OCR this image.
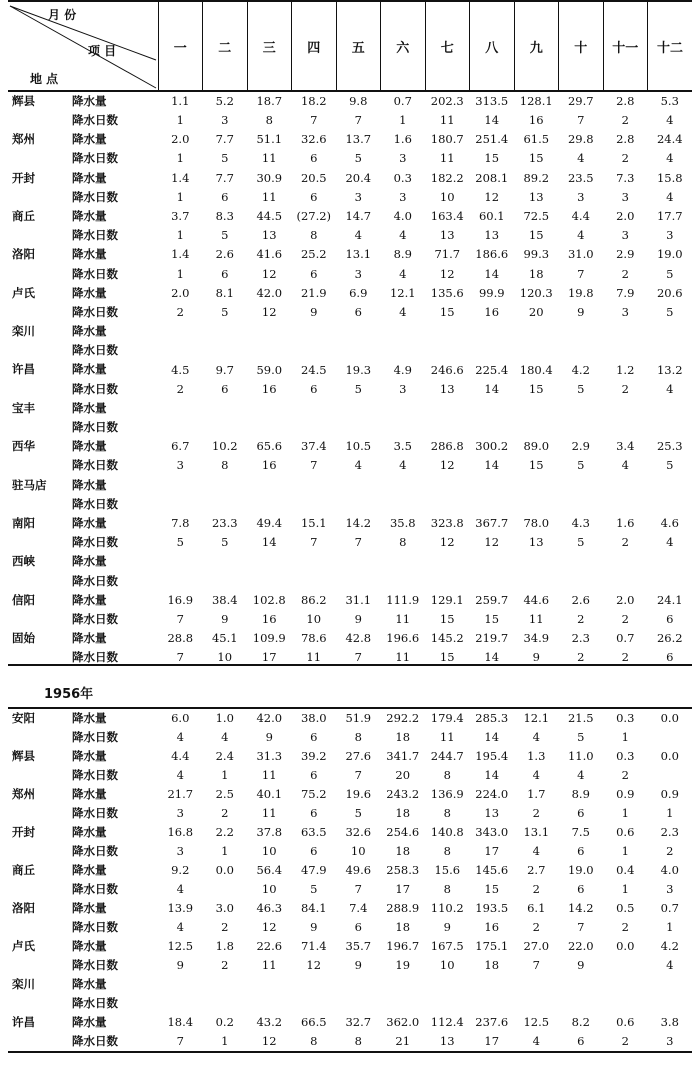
月 份
项 目
地 点	一	二	三	四	五	六	七	八	九	十	十一	十二

辉县 降水量	1.1	5.2	18.7	18.2	9.8	0.7	202.3	313.5	128.1	29.7	2.8	5.3

降水日数	1	3	8	7	7	1	11	14	16	7	2	4

郑州 降水量	2.0	7.7	51.1	32.6	13.7	1.6	180.7	251.4	61.5	29.8	2.8	24.4

降水日数	1	5	11	6	5	3	11	15	15	4	2	4

开封 降水量	1.4	7.7	30.9	20.5	20.4	0.3	182.2	208.1	89.2	23.5	7.3	15.8

降水日数	1	6	11	6	3	3	10	12	13	3	3	4

商丘 降水量	3.7	8.3	44.5	(27.2)	14.7	4.0	163.4	60.1	72.5	4.4	2.0	17.7

降水日数	1	5	13	8	4	4	13	13	15	4	3	3

洛阳 降水量	1.4	2.6	41.6	25.2	13.1	8.9	71.7	186.6	99.3	31.0	2.9	19.0

降水日数	1	6	12	6	3	4	12	14	18	7	2	5

卢氏 降水量	2.0	8.1	42.0	21.9	6.9	12.1	135.6	99.9	120.3	19.8	7.9	20.6

降水日数	2	5	12	9	6	4	15	16	20	9	3	5

栾川 降水量												

降水日数												

许昌 降水量	4.5	9.7	59.0	24.5	19.3	4.9	246.6	225.4	180.4	4.2	1.2	13.2

降水日数	2	6	16	6	5	3	13	14	15	5	2	4

宝丰 降水量												

降水日数												

西华 降水量	6.7	10.2	65.6	37.4	10.5	3.5	286.8	300.2	89.0	2.9	3.4	25.3

降水日数	3	8	16	7	4	4	12	14	15	5	4	5

驻马店 降水量												

降水日数												

南阳 降水量	7.8	23.3	49.4	15.1	14.2	35.8	323.8	367.7	78.0	4.3	1.6	4.6

降水日数	5	5	14	7	7	8	12	12	13	5	2	4

西峡 降水量												

降水日数												

信阳 降水量	16.9	38.4	102.8	86.2	31.1	111.9	129.1	259.7	44.6	2.6	2.0	24.1

降水日数	7	9	16	10	9	11	15	15	11	2	2	6

固始 降水量	28.8	45.1	109.9	78.6	42.8	196.6	145.2	219.7	34.9	2.3	0.7	26.2

降水日数	7	10	17	11	7	11	15	14	9	2	2	6
1956年
安阳 降水量	6.0	1.0	42.0	38.0	51.9	292.2	179.4	285.3	12.1	21.5	0.3	0.0

降水日数	4	4	9	6	8	18	11	14	4	5	1	

辉县 降水量	4.4	2.4	31.3	39.2	27.6	341.7	244.7	195.4	1.3	11.0	0.3	0.0

降水日数	4	1	11	6	7	20	8	14	4	4	2	

郑州 降水量	21.7	2.5	40.1	75.2	19.6	243.2	136.9	224.0	1.7	8.9	0.9	0.9

降水日数	3	2	11	6	5	18	8	13	2	6	1	1

开封 降水量	16.8	2.2	37.8	63.5	32.6	254.6	140.8	343.0	13.1	7.5	0.6	2.3

降水日数	3	1	10	6	10	18	8	17	4	6	1	2

商丘 降水量	9.2	0.0	56.4	47.9	49.6	258.3	15.6	145.6	2.7	19.0	0.4	4.0

降水日数	4		10	5	7	17	8	15	2	6	1	3

洛阳 降水量	13.9	3.0	46.3	84.1	7.4	288.9	110.2	193.5	6.1	14.2	0.5	0.7

降水日数	4	2	12	9	6	18	9	16	2	7	2	1

卢氏 降水量	12.5	1.8	22.6	71.4	35.7	196.7	167.5	175.1	27.0	22.0	0.0	4.2

降水日数	9	2	11	12	9	19	10	18	7	9		4

栾川 降水量												

降水日数												

许昌 降水量	18.4	0.2	43.2	66.5	32.7	362.0	112.4	237.6	12.5	8.2	0.6	3.8

降水日数	7	1	12	8	8	21	13	17	4	6	2	3
